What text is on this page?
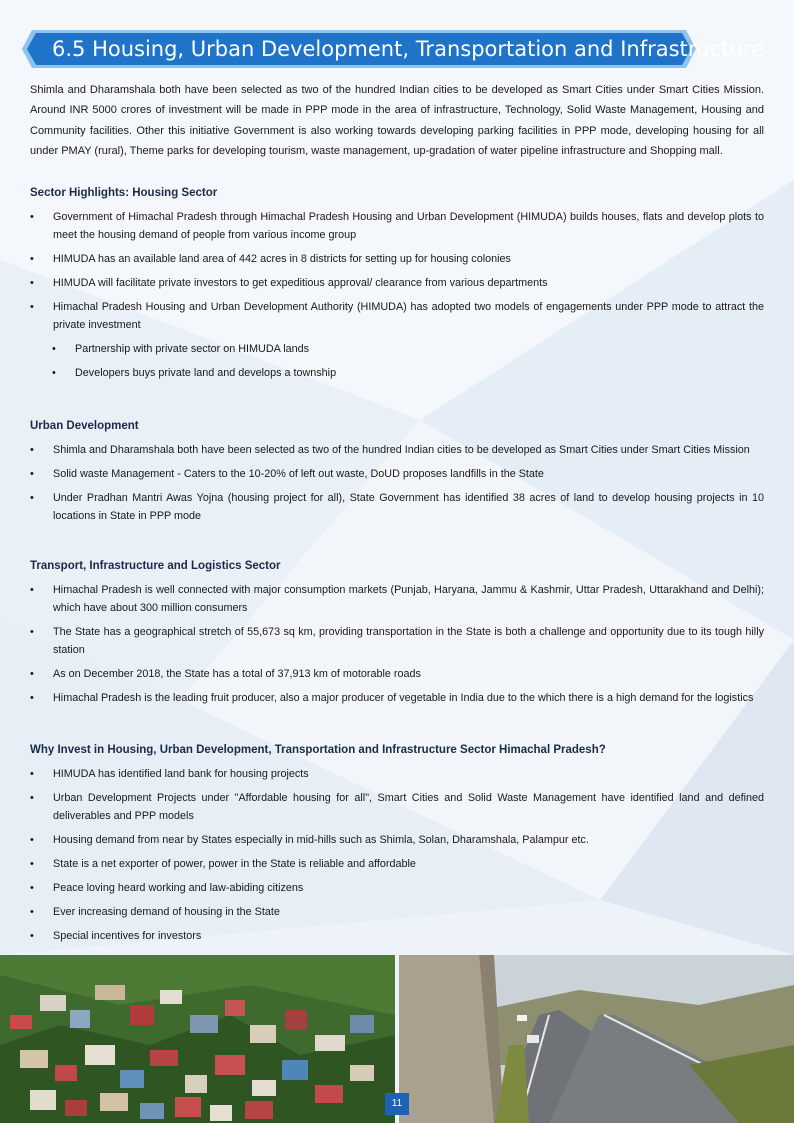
6.5 Housing, Urban Development, Transportation and Infrastructure

Shimla and Dharamshala both have been selected as two of the hundred Indian cities to be developed as Smart Cities under Smart Cities Mission. Around INR 5000 crores of investment will be made in PPP mode in the area of infrastructure, Technology, Solid Waste Management, Housing and Community facilities. Other this initiative Government is also working towards developing parking facilities in PPP mode, developing housing for all under PMAY (rural), Theme parks for developing tourism, waste management, up-gradation of water pipeline infrastructure and Shopping mall.

Sector Highlights: Housing Sector
• Government of Himachal Pradesh through Himachal Pradesh Housing and Urban Development (HIMUDA) builds houses, flats and develop plots to meet the housing demand of people from various income group
• HIMUDA has an available land area of 442 acres in 8 districts for setting up for housing colonies
• HIMUDA will facilitate private investors to get expeditious approval/ clearance from various departments
• Himachal Pradesh Housing and Urban Development Authority (HIMUDA) has adopted two models of engagements under PPP mode to attract the private investment
• Partnership with private sector on HIMUDA lands
• Developers buys private land and develops a township
Urban Development
• Shimla and Dharamshala both have been selected as two of the hundred Indian cities to be developed as Smart Cities under Smart Cities Mission
• Solid waste Management - Caters to the 10-20% of left out waste, DoUD proposes landfills in the State
• Under Pradhan Mantri Awas Yojna (housing project for all), State Government has identified 38 acres of land to develop housing projects in 10 locations in State in PPP mode
Transport, Infrastructure and Logistics Sector
• Himachal Pradesh is well connected with major consumption markets (Punjab, Haryana, Jammu & Kashmir, Uttar Pradesh, Uttarakhand and Delhi); which have about 300 million consumers
• The State has a geographical stretch of 55,673 sq km, providing transportation in the State is both a challenge and opportunity due to its tough hilly station
• As on December 2018, the State has a total of 37,913 km of motorable roads
• Himachal Pradesh is the leading fruit producer, also a major producer of vegetable in India due to the which there is a high demand for the logistics
Why Invest in Housing, Urban Development, Transportation and Infrastructure Sector Himachal Pradesh?
• HIMUDA has identified land bank for housing projects
• Urban Development Projects under "Affordable housing for all", Smart Cities and Solid Waste Management have identified land and defined deliverables and PPP models
• Housing demand from near by States especially in mid-hills such as Shimla, Solan, Dharamshala, Palampur etc.
• State is a net exporter of power, power in the State is reliable and affordable
• Peace loving heard working and law-abiding citizens
• Ever increasing demand of housing in the State
• Special incentives for investors
11
